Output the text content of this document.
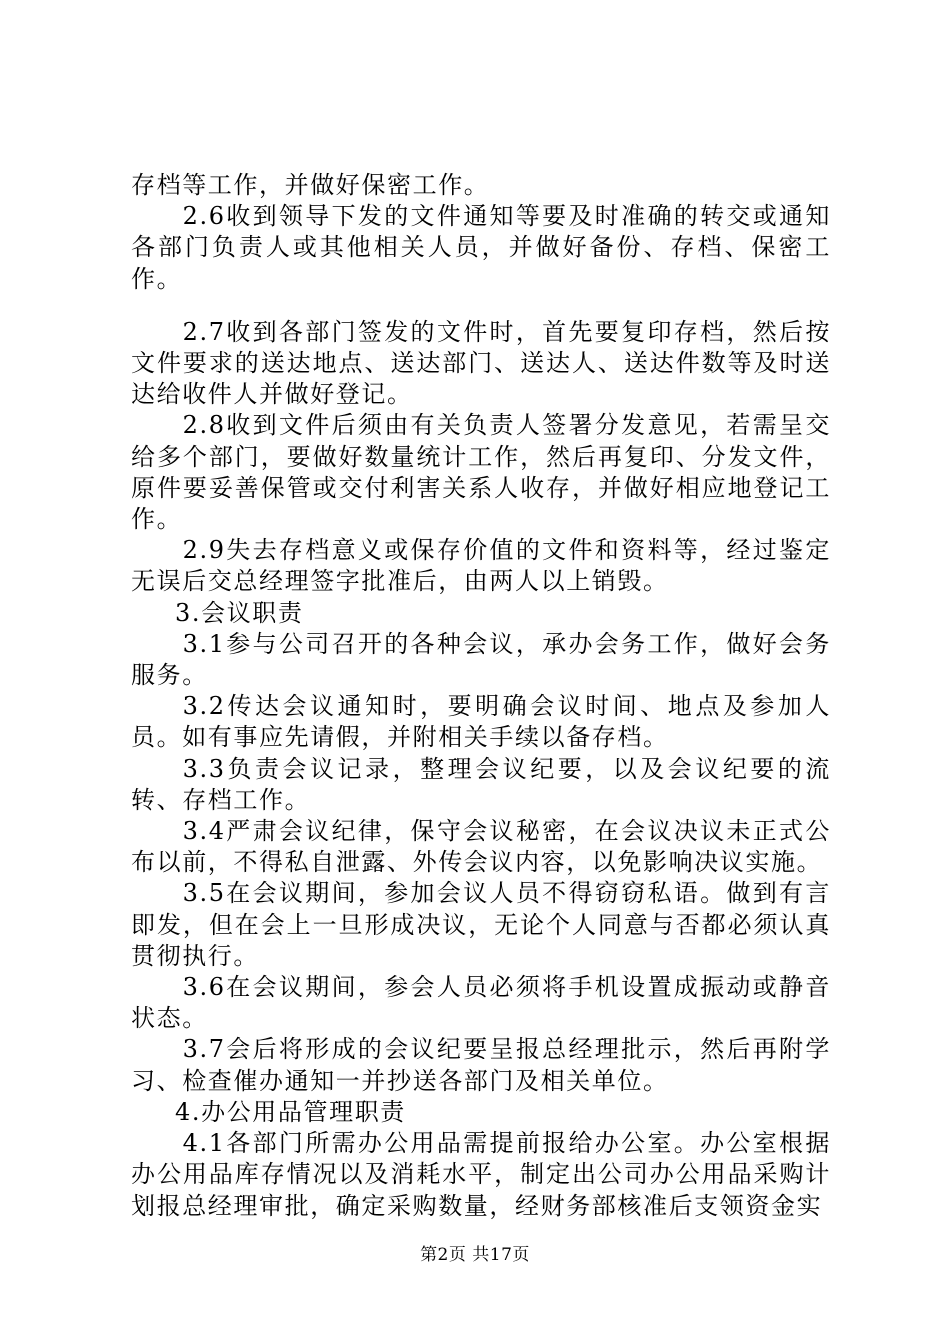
存档等工作，并做好保密工作。

2.6收到领导下发的文件通知等要及时准确的转交或通知各部门负责人或其他相关人员，并做好备份、存档、保密工作。

2.7收到各部门签发的文件时，首先要复印存档，然后按文件要求的送达地点、送达部门、送达人、送达件数等及时送达给收件人并做好登记。

2.8收到文件后须由有关负责人签署分发意见，若需呈交给多个部门，要做好数量统计工作，然后再复印、分发文件，原件要妥善保管或交付利害关系人收存，并做好相应地登记工作。

2.9失去存档意义或保存价值的文件和资料等，经过鉴定无误后交总经理签字批准后，由两人以上销毁。

3.会议职责

3.1参与公司召开的各种会议，承办会务工作，做好会务服务。

3.2传达会议通知时，要明确会议时间、地点及参加人员。如有事应先请假，并附相关手续以备存档。

3.3负责会议记录，整理会议纪要，以及会议纪要的流转、存档工作。

3.4严肃会议纪律，保守会议秘密，在会议决议未正式公布以前，不得私自泄露、外传会议内容，以免影响决议实施。

3.5在会议期间，参加会议人员不得窃窃私语。做到有言即发，但在会上一旦形成决议，无论个人同意与否都必须认真贯彻执行。

3.6在会议期间，参会人员必须将手机设置成振动或静音状态。

3.7会后将形成的会议纪要呈报总经理批示，然后再附学习、检查催办通知一并抄送各部门及相关单位。

4.办公用品管理职责

4.1各部门所需办公用品需提前报给办公室。办公室根据办公用品库存情况以及消耗水平，制定出公司办公用品采购计划报总经理审批，确定采购数量，经财务部核准后支领资金实

第2页 共17页
